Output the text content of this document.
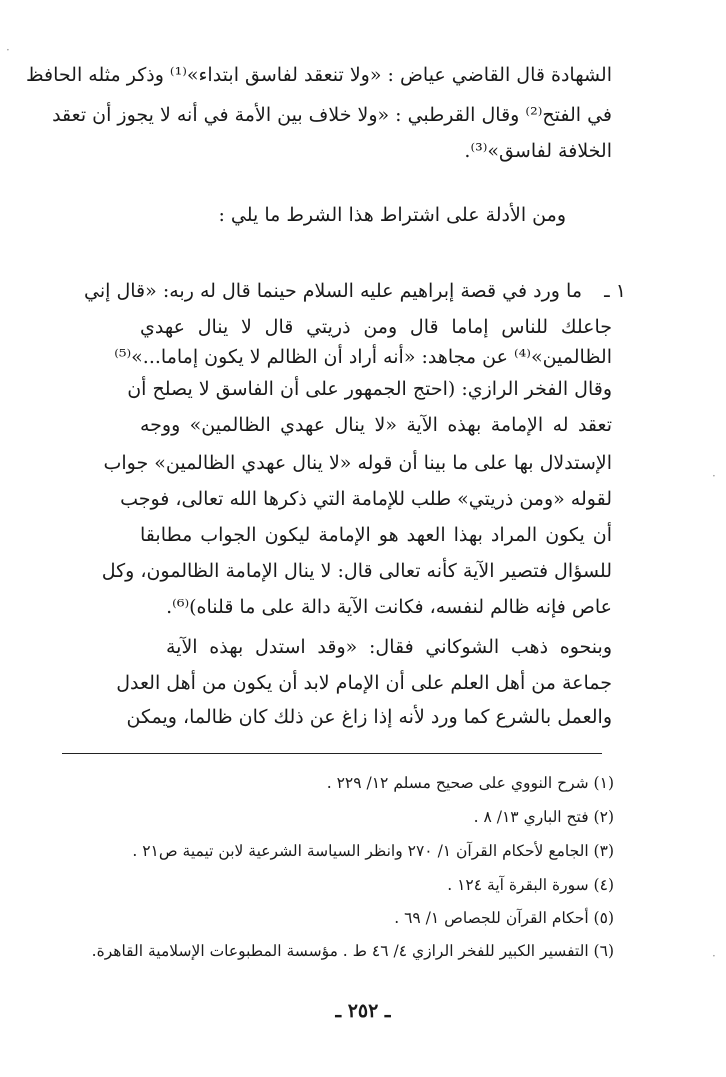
·
·
·
الشهادة قال القاضي عياض : «ولا تنعقد لفاسق ابتداء»⁽¹⁾ وذكر مثله الحافظ
في الفتح⁽²⁾ وقال القرطبي : «ولا خلاف بين الأمة في أنه لا يجوز أن تعقد
الخلافة لفاسق»⁽³⁾.
ومن الأدلة على اشتراط هذا الشرط ما يلي :
١ ـ
ما ورد في قصة إبراهيم عليه السلام حينما قال له ربه: «قال إني
جاعلك للناس إماما قال ومن ذريتي قال لا ينال عهدي
الظالمين»⁽⁴⁾ عن مجاهد: «أنه أراد أن الظالم لا يكون إماما...»⁽⁵⁾
وقال الفخر الرازي: (احتج الجمهور على أن الفاسق لا يصلح أن
تعقد له الإمامة بهذه الآية «لا ينال عهدي الظالمين» ووجه
الإستدلال بها على ما بينا أن قوله «لا ينال عهدي الظالمين» جواب
لقوله «ومن ذريتي» طلب للإمامة التي ذكرها الله تعالى، فوجب
أن يكون المراد بهذا العهد هو الإمامة ليكون الجواب مطابقا
للسؤال فتصير الآية كأنه تعالى قال: لا ينال الإمامة الظالمون، وكل
عاص فإنه ظالم لنفسه، فكانت الآية دالة على ما قلناه)⁽⁶⁾.
وبنحوه ذهب الشوكاني فقال: «وقد استدل بهذه الآية
جماعة من أهل العلم على أن الإمام لابد أن يكون من أهل العدل
والعمل بالشرع كما ورد لأنه إذا زاغ عن ذلك كان ظالما، ويمكن
(١) شرح النووي على صحيح مسلم ١٢/ ٢٢٩ .
(٢) فتح الباري ١٣/ ٨ .
(٣) الجامع لأحكام القرآن ١/ ٢٧٠ وانظر السياسة الشرعية لابن تيمية ص٢١ .
(٤) سورة البقرة آية ١٢٤ .
(٥) أحكام القرآن للجصاص ١/ ٦٩ .
(٦) التفسير الكبير للفخر الرازي ٤/ ٤٦ ط . مؤسسة المطبوعات الإسلامية القاهرة.
ـ ٢٥٢ ـ
